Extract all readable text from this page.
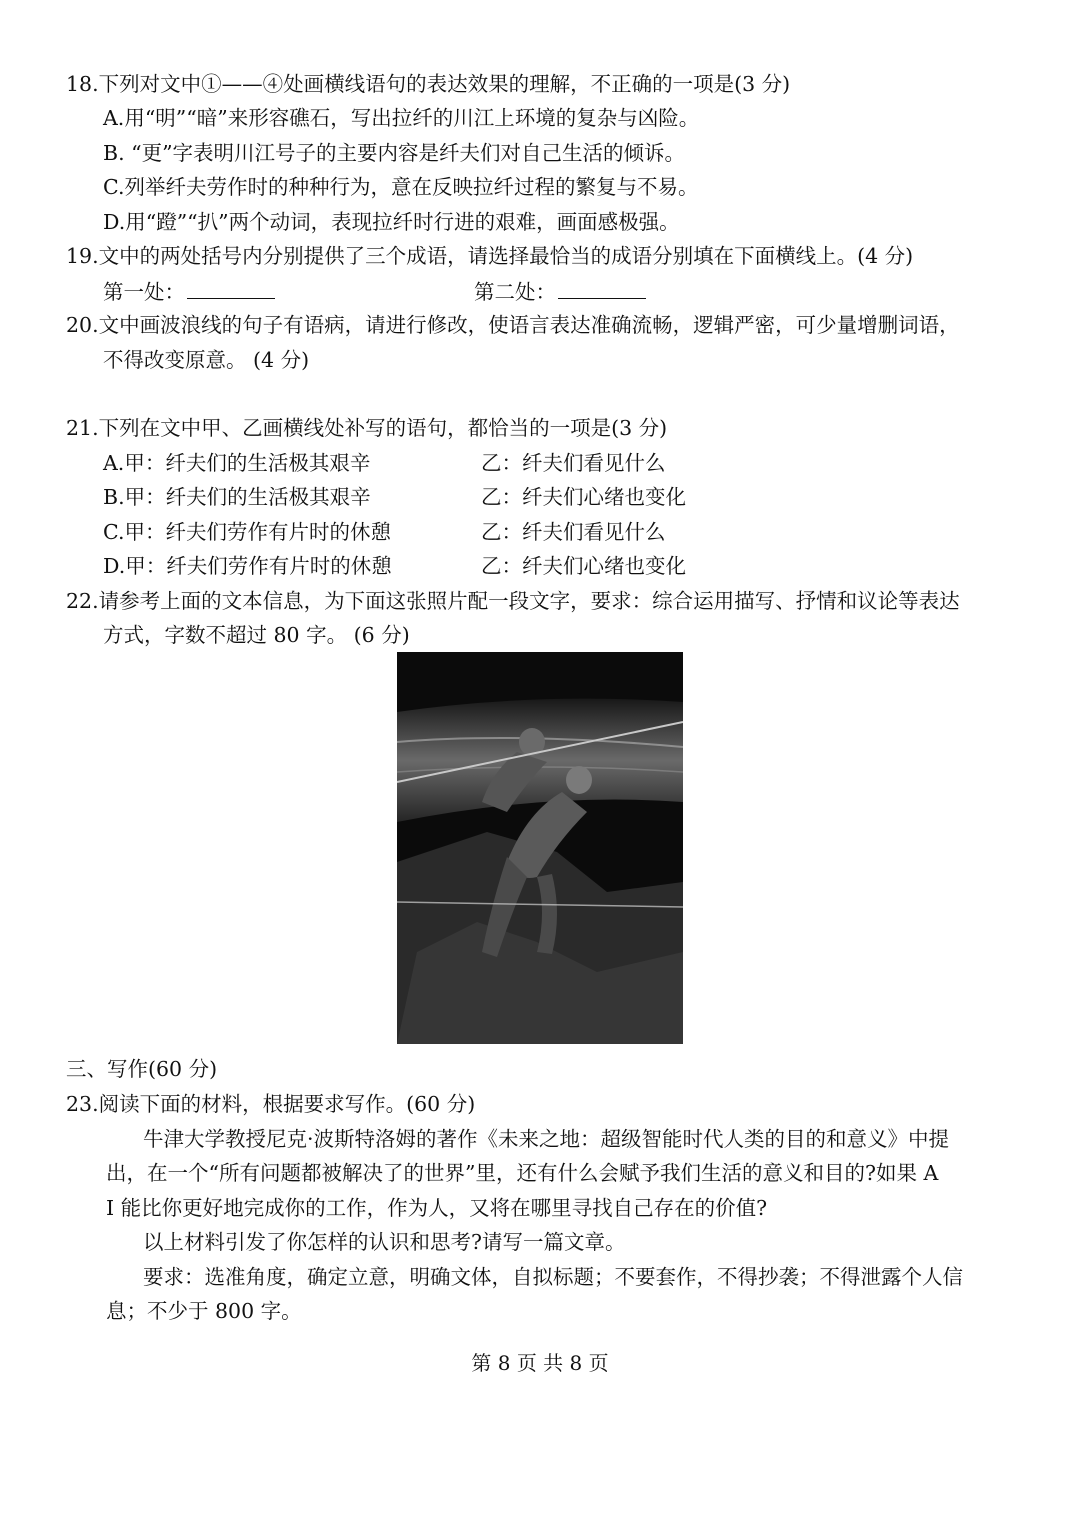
18.下列对文中①——④处画横线语句的表达效果的理解，不正确的一项是(3 分)
A.用“明”“暗”来形容礁石，写出拉纤的川江上环境的复杂与凶险。
B. “更”字表明川江号子的主要内容是纤夫们对自己生活的倾诉。
C.列举纤夫劳作时的种种行为，意在反映拉纤过程的繁复与不易。
D.用“蹬”“扒”两个动词，表现拉纤时行进的艰难，画面感极强。
19.文中的两处括号内分别提供了三个成语，请选择最恰当的成语分别填在下面横线上。(4 分)
第一处：	第二处：
20.文中画波浪线的句子有语病，请进行修改，使语言表达准确流畅，逻辑严密，可少量增删词语，
不得改变原意。 (4 分)
21.下列在文中甲、乙画横线处补写的语句，都恰当的一项是(3 分)
A.甲：纤夫们的生活极其艰辛	乙：纤夫们看见什么
B.甲：纤夫们的生活极其艰辛	乙：纤夫们心绪也变化
C.甲：纤夫们劳作有片时的休憩	乙：纤夫们看见什么
D.甲：纤夫们劳作有片时的休憩	乙：纤夫们心绪也变化
22.请参考上面的文本信息，为下面这张照片配一段文字，要求：综合运用描写、抒情和议论等表达
方式，字数不超过 80 字。 (6 分)
三、写作(60 分)
23.阅读下面的材料，根据要求写作。(60 分)
牛津大学教授尼克·波斯特洛姆的著作《未来之地：超级智能时代人类的目的和意义》中提
出，在一个“所有问题都被解决了的世界”里，还有什么会赋予我们生活的意义和目的?如果 A
I 能比你更好地完成你的工作，作为人，又将在哪里寻找自己存在的价值?
以上材料引发了你怎样的认识和思考?请写一篇文章。
要求：选准角度，确定立意，明确文体，自拟标题；不要套作，不得抄袭；不得泄露个人信
息；不少于 800 字。
第 8 页 共 8 页
